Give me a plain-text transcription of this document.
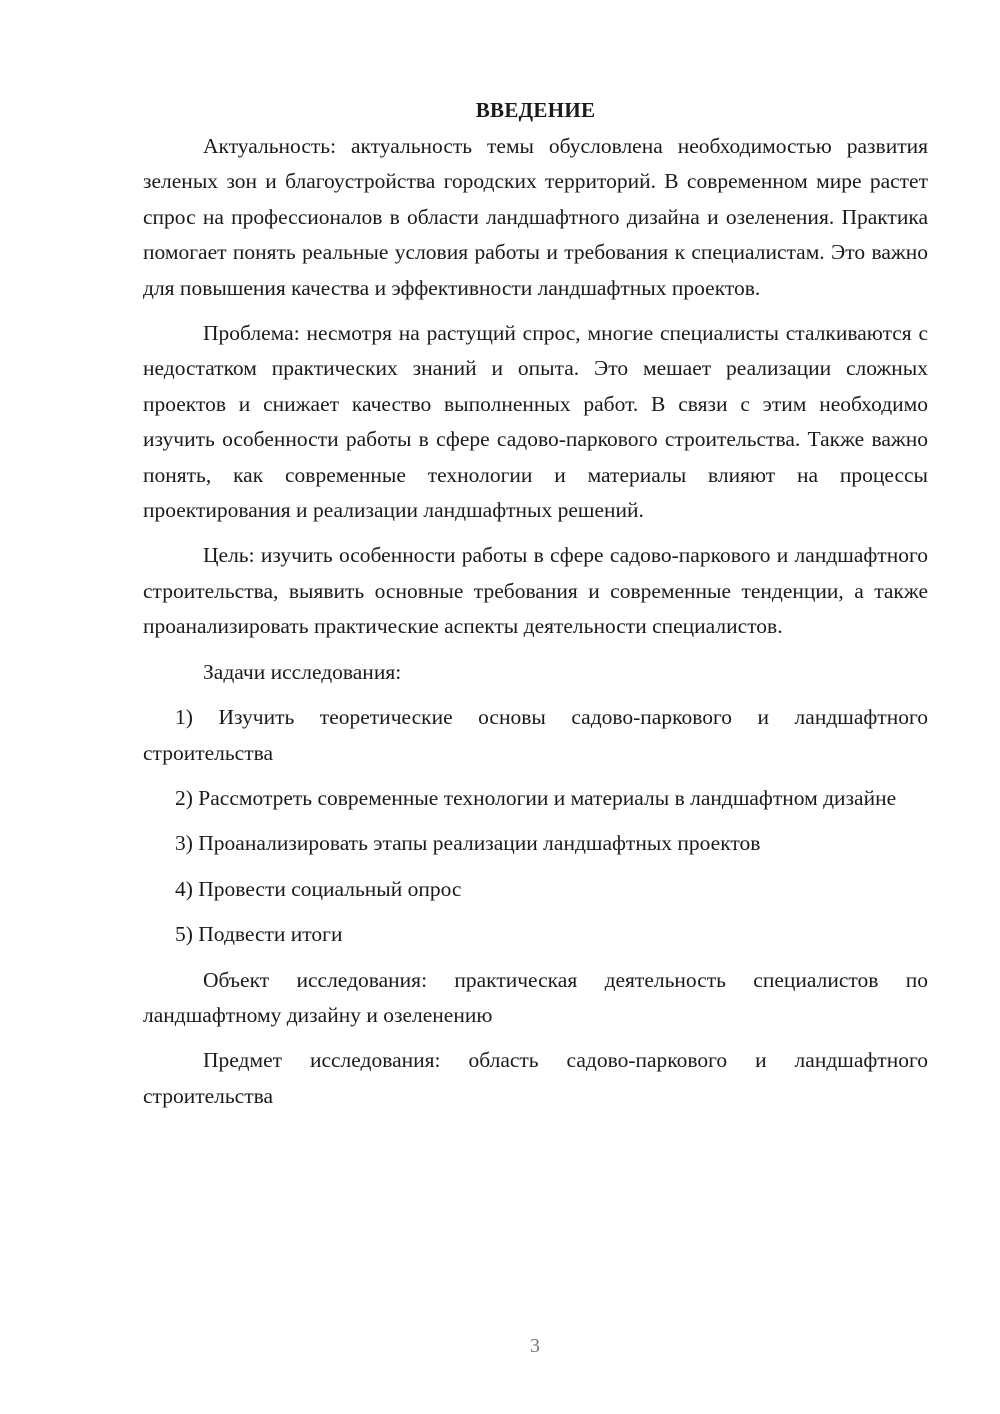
ВВЕДЕНИЕ

Актуальность: актуальность темы обусловлена необходимостью развития зеленых зон и благоустройства городских территорий. В современном мире растет спрос на профессионалов в области ландшафтного дизайна и озеленения. Практика помогает понять реальные условия работы и требования к специалистам. Это важно для повышения качества и эффективности ландшафтных проектов.

Проблема: несмотря на растущий спрос, многие специалисты сталкиваются с недостатком практических знаний и опыта. Это мешает реализации сложных проектов и снижает качество выполненных работ. В связи с этим необходимо изучить особенности работы в сфере садово-паркового строительства. Также важно понять, как современные технологии и материалы влияют на процессы проектирования и реализации ландшафтных решений.

Цель: изучить особенности работы в сфере садово-паркового и ландшафтного строительства, выявить основные требования и современные тенденции, а также проанализировать практические аспекты деятельности специалистов.

Задачи исследования:

1) Изучить теоретические основы садово-паркового и ландшафтного строительства

2) Рассмотреть современные технологии и материалы в ландшафтном дизайне

3) Проанализировать этапы реализации ландшафтных проектов

4) Провести социальный опрос

5) Подвести итоги

Объект исследования: практическая деятельность специалистов по ландшафтному дизайну и озеленению

Предмет исследования: область садово-паркового и ландшафтного строительства

3
